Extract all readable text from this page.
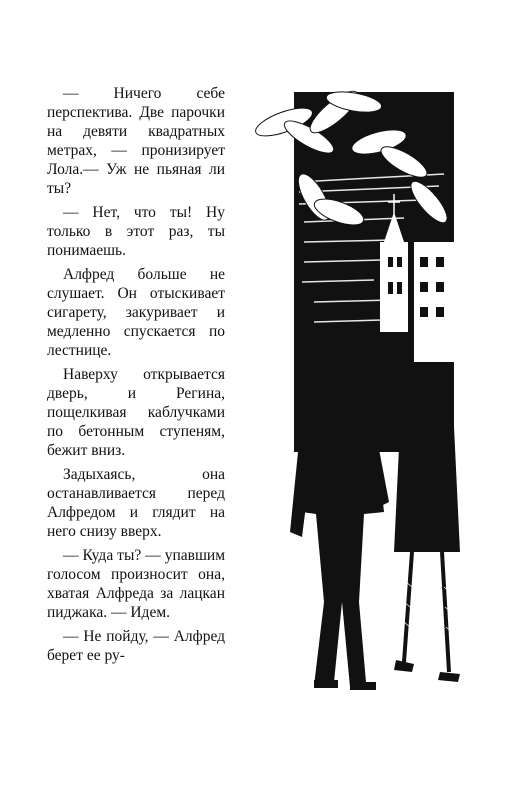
— Ничего себе перспектива. Две парочки на девяти квадратных метрах, — пронизирует Лола.— Уж не пьяная ли ты?

— Нет, что ты! Ну только в этот раз, ты понимаешь.

Алфред больше не слушает. Он отыскивает сигарету, закуривает и медленно спускается по лестнице.

Наверху открывается дверь, и Регина, пощелкивая каблучками по бетонным ступеням, бежит вниз.

Задыхаясь, она останавливается перед Алфредом и глядит на него снизу вверх.

— Куда ты? — упавшим голосом произносит она, хватая Алфреда за лацкан пиджака. — Идем.

— Не пойду, — Алфред берет ее ру-
